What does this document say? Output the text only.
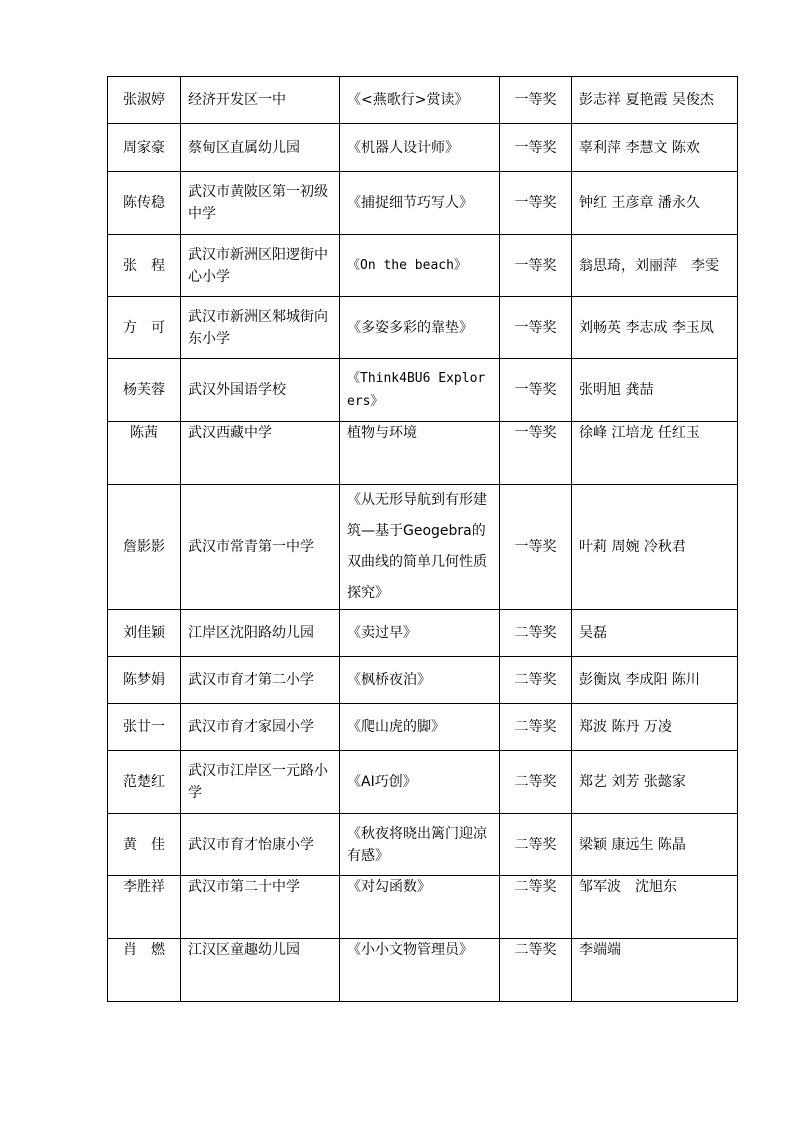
张淑婷	经济开发区一中	《<燕歌行>赏读》	一等奖	彭志祥 夏艳霞 吴俊杰
周家豪	蔡甸区直属幼儿园	《机器人设计师》	一等奖	辜利萍 李慧文 陈欢
陈传稳	武汉市黄陂区第一初级中学	《捕捉细节巧写人》	一等奖	钟红 王彦章 潘永久
张　程	武汉市新洲区阳逻街中心小学	《On the beach》	一等奖	翁思琦，刘丽萍　李雯
方　可	武汉市新洲区邾城街向东小学	《多姿多彩的靠垫》	一等奖	刘畅英 李志成 李玉凤
杨芙蓉	武汉外国语学校	《Think4BU6 Explorers》	一等奖	张明旭 龚喆
陈茜	武汉西藏中学	植物与环境	一等奖	徐峰 江培龙 任红玉
詹影影	武汉市常青第一中学	《从无形导航到有形建筑—基于Geogebra的双曲线的简单几何性质探究》	一等奖	叶莉 周婉 冷秋君
刘佳颖	江岸区沈阳路幼儿园	《卖过早》	二等奖	吴磊
陈梦娟	武汉市育才第二小学	《枫桥夜泊》	二等奖	彭衡岚 李成阳 陈川
张廿一	武汉市育才家园小学	《爬山虎的脚》	二等奖	郑波 陈丹 万凌
范楚红	武汉市江岸区一元路小学	《AI巧创》	二等奖	郑艺 刘芳 张懿家
黄　佳	武汉市育才怡康小学	《秋夜将晓出篱门迎凉有感》	二等奖	梁颖 康远生 陈晶
李胜祥	武汉市第二十中学	《对勾函数》	二等奖	邹军波　沈旭东
肖　燃	江汉区童趣幼儿园	《小小文物管理员》	二等奖	李端端
